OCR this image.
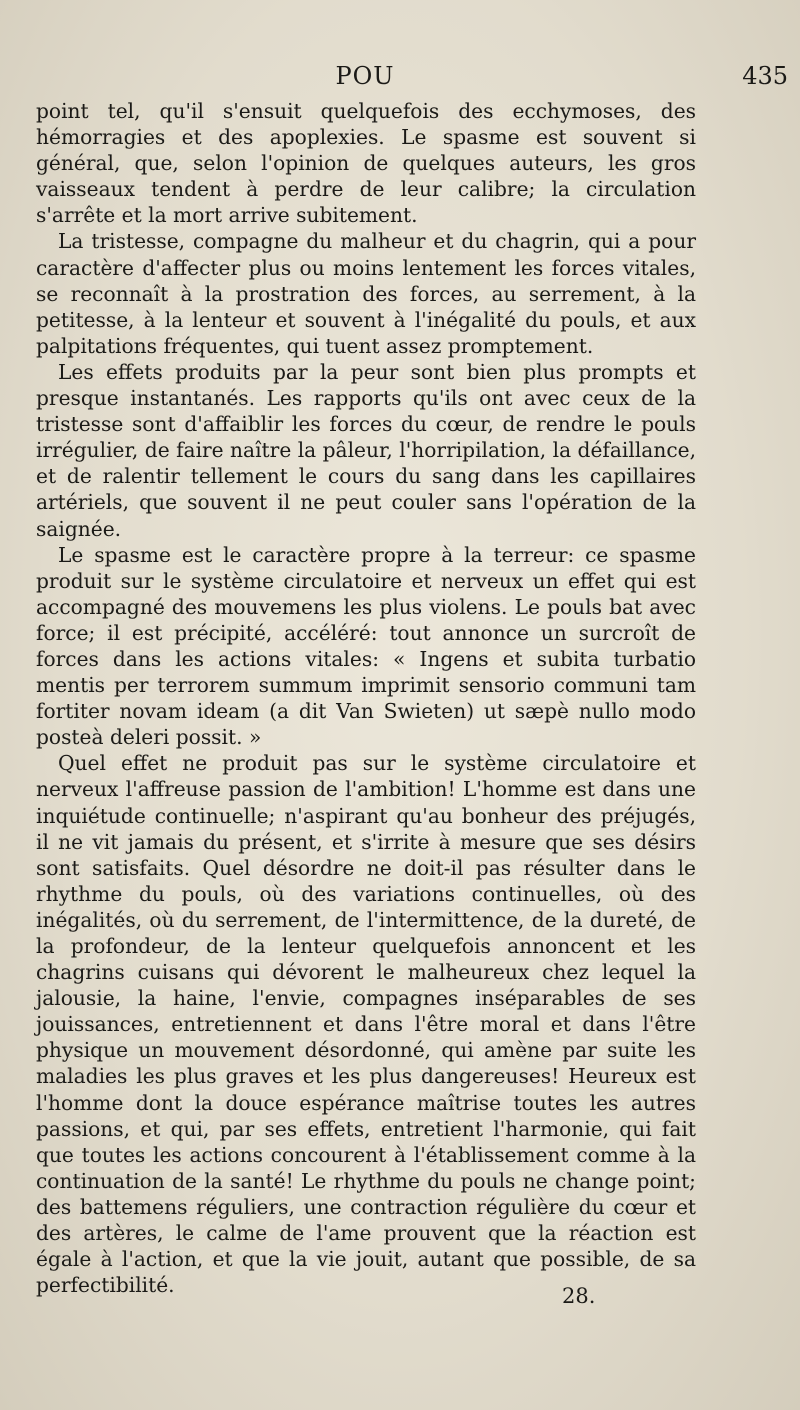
POU	435

point tel, qu'il s'ensuit quelquefois des ecchymoses, des hémorragies et des apoplexies. Le spasme est souvent si général, que, selon l'opinion de quelques auteurs, les gros vaisseaux tendent à perdre de leur calibre; la circulation s'arrête et la mort arrive subitement.

La tristesse, compagne du malheur et du chagrin, qui a pour caractère d'affecter plus ou moins lentement les forces vitales, se reconnaît à la prostration des forces, au serrement, à la petitesse, à la lenteur et souvent à l'inégalité du pouls, et aux palpitations fréquentes, qui tuent assez promptement.

Les effets produits par la peur sont bien plus prompts et presque instantanés. Les rapports qu'ils ont avec ceux de la tristesse sont d'affaiblir les forces du cœur, de rendre le pouls irrégulier, de faire naître la pâleur, l'horripilation, la défaillance, et de ralentir tellement le cours du sang dans les capillaires artériels, que souvent il ne peut couler sans l'opération de la saignée.

Le spasme est le caractère propre à la terreur: ce spasme produit sur le système circulatoire et nerveux un effet qui est accompagné des mouvemens les plus violens. Le pouls bat avec force; il est précipité, accéléré: tout annonce un surcroît de forces dans les actions vitales: « Ingens et subita turbatio mentis per terrorem summum imprimit sensorio communi tam fortiter novam ideam (a dit Van Swieten) ut sæpè nullo modo posteà deleri possit. »

Quel effet ne produit pas sur le système circulatoire et nerveux l'affreuse passion de l'ambition! L'homme est dans une inquiétude continuelle; n'aspirant qu'au bonheur des préjugés, il ne vit jamais du présent, et s'irrite à mesure que ses désirs sont satisfaits. Quel désordre ne doit-il pas résulter dans le rhythme du pouls, où des variations continuelles, où des inégalités, où du serrement, de l'intermittence, de la dureté, de la profondeur, de la lenteur quelquefois annoncent et les chagrins cuisans qui dévorent le malheureux chez lequel la jalousie, la haine, l'envie, compagnes inséparables de ses jouissances, entretiennent et dans l'être moral et dans l'être physique un mouvement désordonné, qui amène par suite les maladies les plus graves et les plus dangereuses! Heureux est l'homme dont la douce espérance maîtrise toutes les autres passions, et qui, par ses effets, entretient l'harmonie, qui fait que toutes les actions concourent à l'établissement comme à la continuation de la santé! Le rhythme du pouls ne change point; des battemens réguliers, une contraction régulière du cœur et des artères, le calme de l'ame prouvent que la réaction est égale à l'action, et que la vie jouit, autant que possible, de sa perfectibilité.	28.
